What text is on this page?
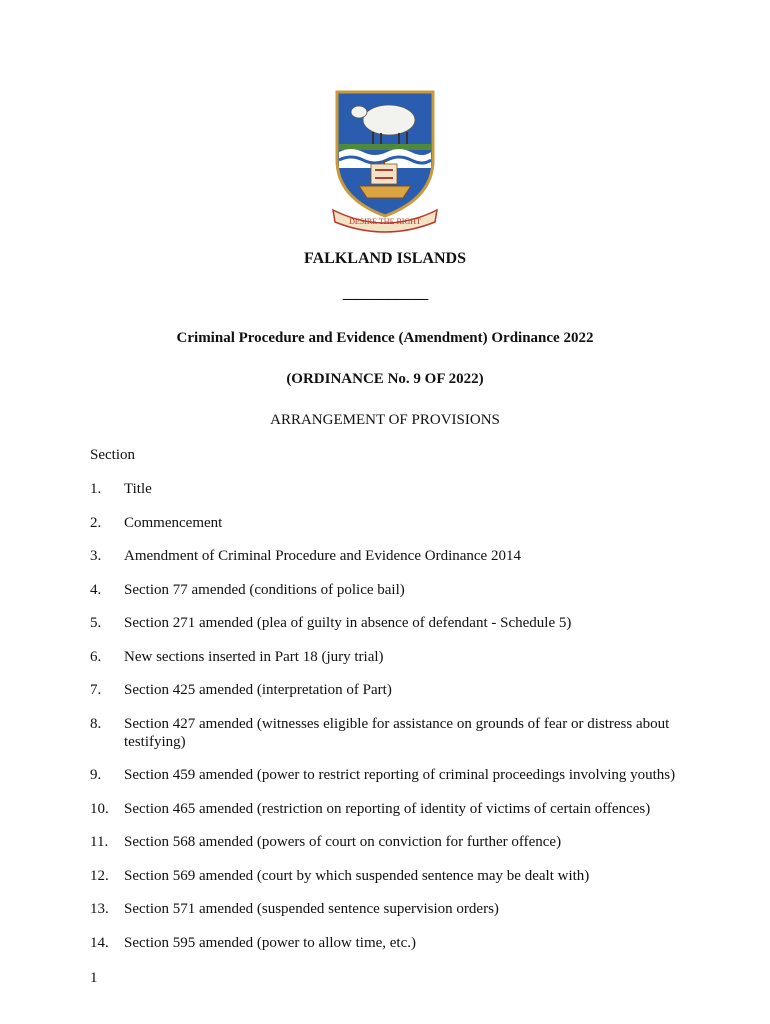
DESIRE THE RIGHT
FALKLAND ISLANDS
_____________
Criminal Procedure and Evidence (Amendment) Ordinance 2022
(ORDINANCE No. 9 OF 2022)
ARRANGEMENT OF PROVISIONS
Section
1.	Title
2.	Commencement
3.	Amendment of Criminal Procedure and Evidence Ordinance 2014
4.	Section 77 amended (conditions of police bail)
5.	Section 271 amended (plea of guilty in absence of defendant - Schedule 5)
6.	New sections inserted in Part 18 (jury trial)
7.	Section 425 amended (interpretation of Part)
8.	Section 427 amended (witnesses eligible for assistance on grounds of fear or distress about testifying)
9.	Section 459 amended (power to restrict reporting of criminal proceedings involving youths)
10.	Section 465 amended (restriction on reporting of identity of victims of certain offences)
11.	Section 568 amended (powers of court on conviction for further offence)
12.	Section 569 amended (court by which suspended sentence may be dealt with)
13.	Section 571 amended (suspended sentence supervision orders)
14.	Section 595 amended (power to allow time, etc.)
1
